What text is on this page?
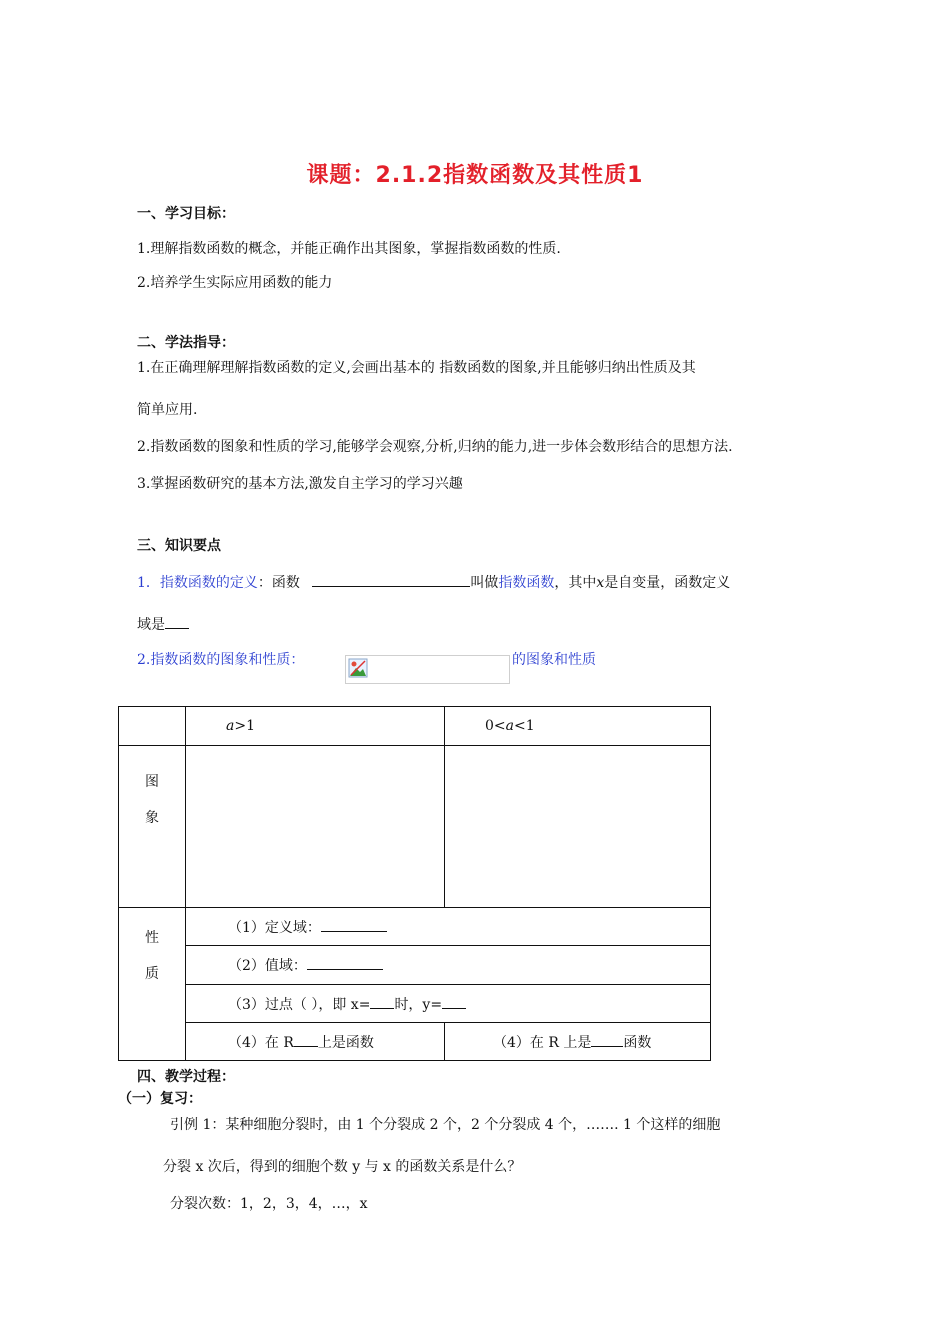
课题：2.1.2指数函数及其性质1
一、学习目标：
1.理解指数函数的概念，并能正确作出其图象，掌握指数函数的性质.
2.培养学生实际应用函数的能力
二、学法指导：
1.在正确理解理解指数函数的定义,会画出基本的 指数函数的图象,并且能够归纳出性质及其
简单应用.
2.指数函数的图象和性质的学习,能够学会观察,分析,归纳的能力,进一步体会数形结合的思想方法.
3.掌握函数研究的基本方法,激发自主学习的学习兴趣
三、知识要点
1．指数函数的定义：函数	叫做指数函数，其中x是自变量，函数定义
域是
2.指数函数的图象和性质：	的图象和性质
	a>1	0<a<1

图
象		

性
质	（1）定义域：	
	（2）值域：	
	（3）过点（ ），即 x= 时，y=	
	（4）在 R 上是函数	（4）在 R 上是 函数
四、教学过程：
（一）复习：
引例 1：某种细胞分裂时，由 1 个分裂成 2 个，2 个分裂成 4 个，……. 1 个这样的细胞
分裂 x 次后，得到的细胞个数 y 与 x 的函数关系是什么？
分裂次数：1，2，3，4，…，x
